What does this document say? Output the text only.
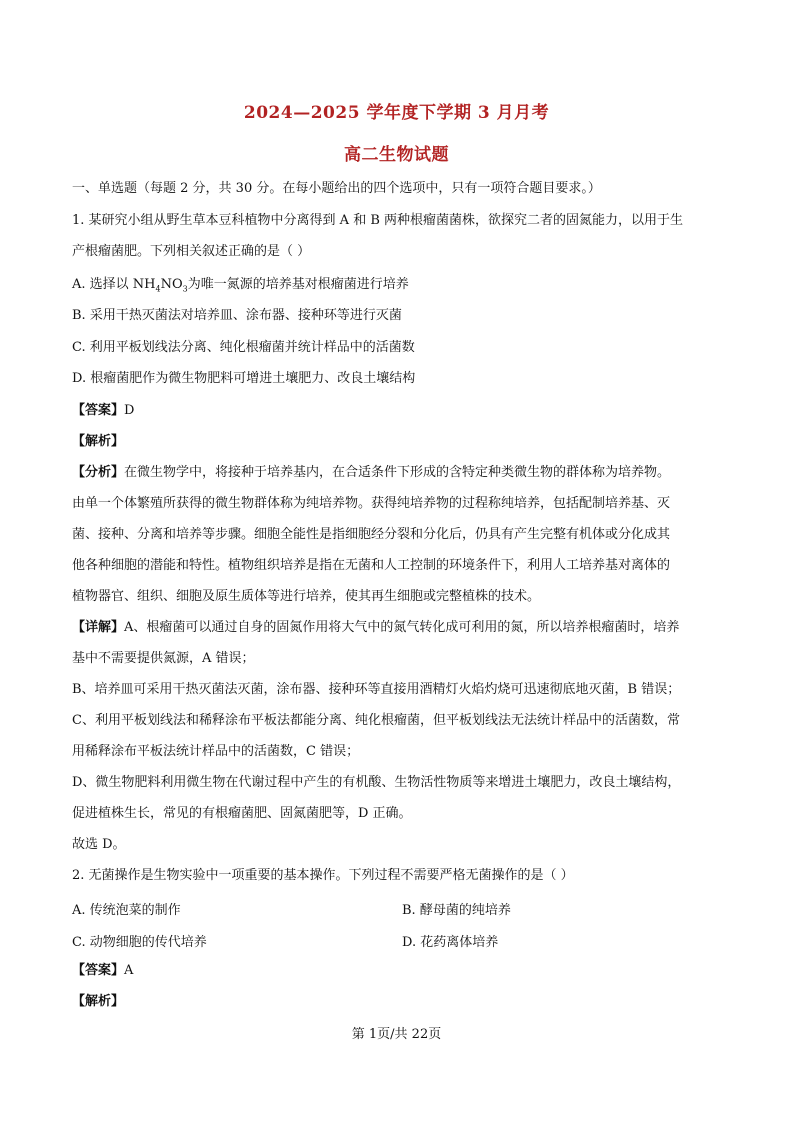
2024—2025 学年度下学期 3 月月考
高二生物试题
一、单选题（每题 2 分，共 30 分。在每小题给出的四个选项中，只有一项符合题目要求。）
1. 某研究小组从野生草本豆科植物中分离得到 A 和 B 两种根瘤菌菌株，欲探究二者的固氮能力，以用于生
产根瘤菌肥。下列相关叙述正确的是（ ）
A. 选择以 $NH_4NO_3$为唯一氮源的培养基对根瘤菌进行培养
B. 采用干热灭菌法对培养皿、涂布器、接种环等进行灭菌
C. 利用平板划线法分离、纯化根瘤菌并统计样品中的活菌数
D. 根瘤菌肥作为微生物肥料可增进土壤肥力、改良土壤结构
【答案】D
【解析】
【分析】在微生物学中，将接种于培养基内，在合适条件下形成的含特定种类微生物的群体称为培养物。
由单一个体繁殖所获得的微生物群体称为纯培养物。获得纯培养物的过程称纯培养，包括配制培养基、灭
菌、接种、分离和培养等步骤。细胞全能性是指细胞经分裂和分化后，仍具有产生完整有机体或分化成其
他各种细胞的潜能和特性。植物组织培养是指在无菌和人工控制的环境条件下，利用人工培养基对离体的
植物器官、组织、细胞及原生质体等进行培养，使其再生细胞或完整植株的技术。
【详解】A、根瘤菌可以通过自身的固氮作用将大气中的氮气转化成可利用的氮，所以培养根瘤菌时，培养
基中不需要提供氮源，A 错误；
B、培养皿可采用干热灭菌法灭菌，涂布器、接种环等直接用酒精灯火焰灼烧可迅速彻底地灭菌，B 错误；
C、利用平板划线法和稀释涂布平板法都能分离、纯化根瘤菌，但平板划线法无法统计样品中的活菌数，常
用稀释涂布平板法统计样品中的活菌数，C 错误；
D、微生物肥料利用微生物在代谢过程中产生的有机酸、生物活性物质等来增进土壤肥力，改良土壤结构，
促进植株生长，常见的有根瘤菌肥、固氮菌肥等，D 正确。
故选 D。
2. 无菌操作是生物实验中一项重要的基本操作。下列过程不需要严格无菌操作的是（ ）
A. 传统泡菜的制作	B. 酵母菌的纯培养
C. 动物细胞的传代培养	D. 花药离体培养
【答案】A
【解析】
第 1页/共 22页
